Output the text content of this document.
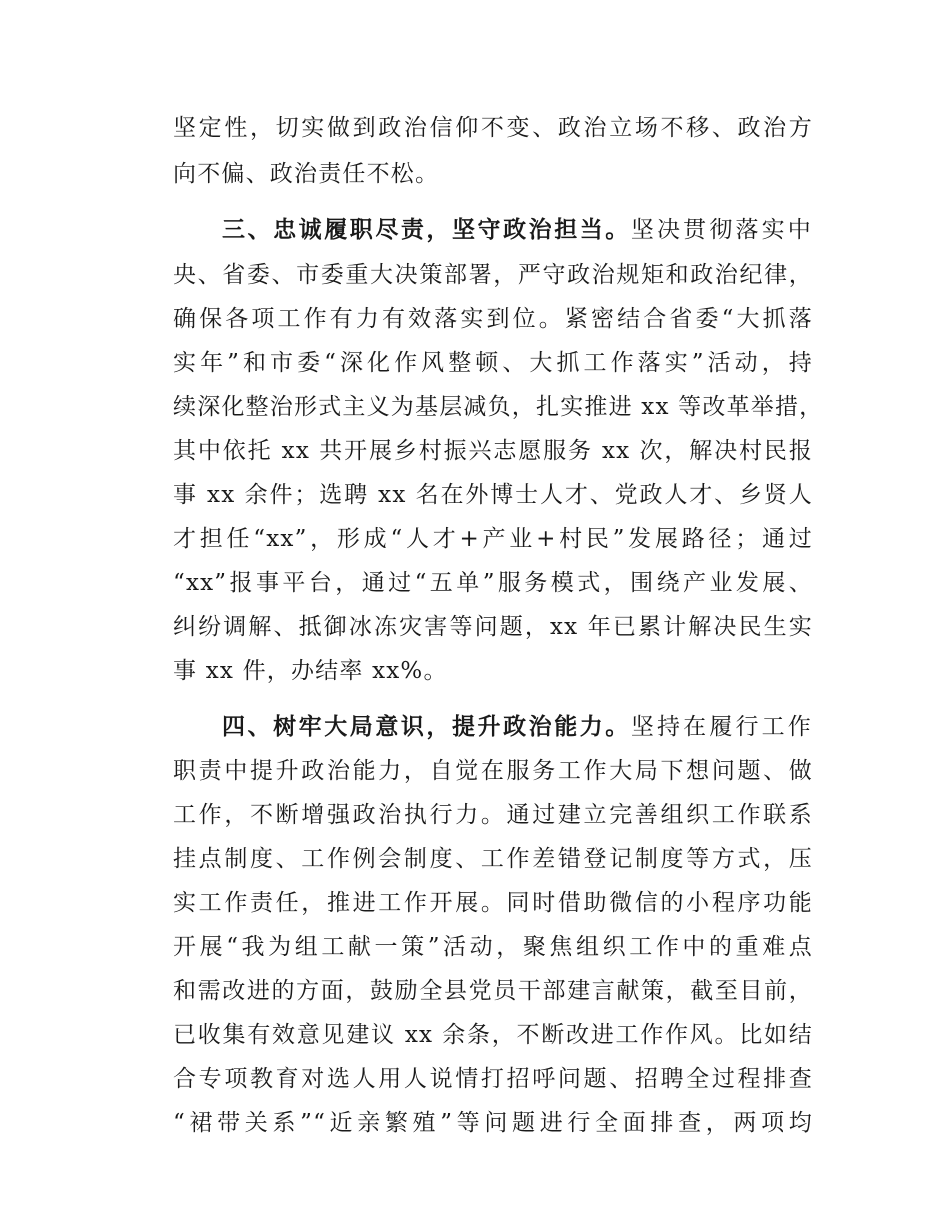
坚定性，切实做到政治信仰不变、政治立场不移、政治方
向不偏、政治责任不松。
三、忠诚履职尽责，坚守政治担当。坚决贯彻落实中
央、省委、市委重大决策部署，严守政治规矩和政治纪律，
确保各项工作有力有效落实到位。紧密结合省委“大抓落
实年”和市委“深化作风整顿、大抓工作落实”活动，持
续深化整治形式主义为基层减负，扎实推进 xx 等改革举措，
其中依托 xx 共开展乡村振兴志愿服务 xx 次，解决村民报
事 xx 余件；选聘 xx 名在外博士人才、党政人才、乡贤人
才担任“xx”，形成“人才+产业+村民”发展路径；通过
“xx”报事平台，通过“五单”服务模式，围绕产业发展、
纠纷调解、抵御冰冻灾害等问题，xx 年已累计解决民生实
事 xx 件，办结率 xx%。
四、树牢大局意识，提升政治能力。坚持在履行工作
职责中提升政治能力，自觉在服务工作大局下想问题、做
工作，不断增强政治执行力。通过建立完善组织工作联系
挂点制度、工作例会制度、工作差错登记制度等方式，压
实工作责任，推进工作开展。同时借助微信的小程序功能
开展“我为组工献一策”活动，聚焦组织工作中的重难点
和需改进的方面，鼓励全县党员干部建言献策，截至目前，
已收集有效意见建议 xx 余条，不断改进工作作风。比如结
合专项教育对选人用人说情打招呼问题、招聘全过程排查
“裙带关系”“近亲繁殖”等问题进行全面排查，两项均
